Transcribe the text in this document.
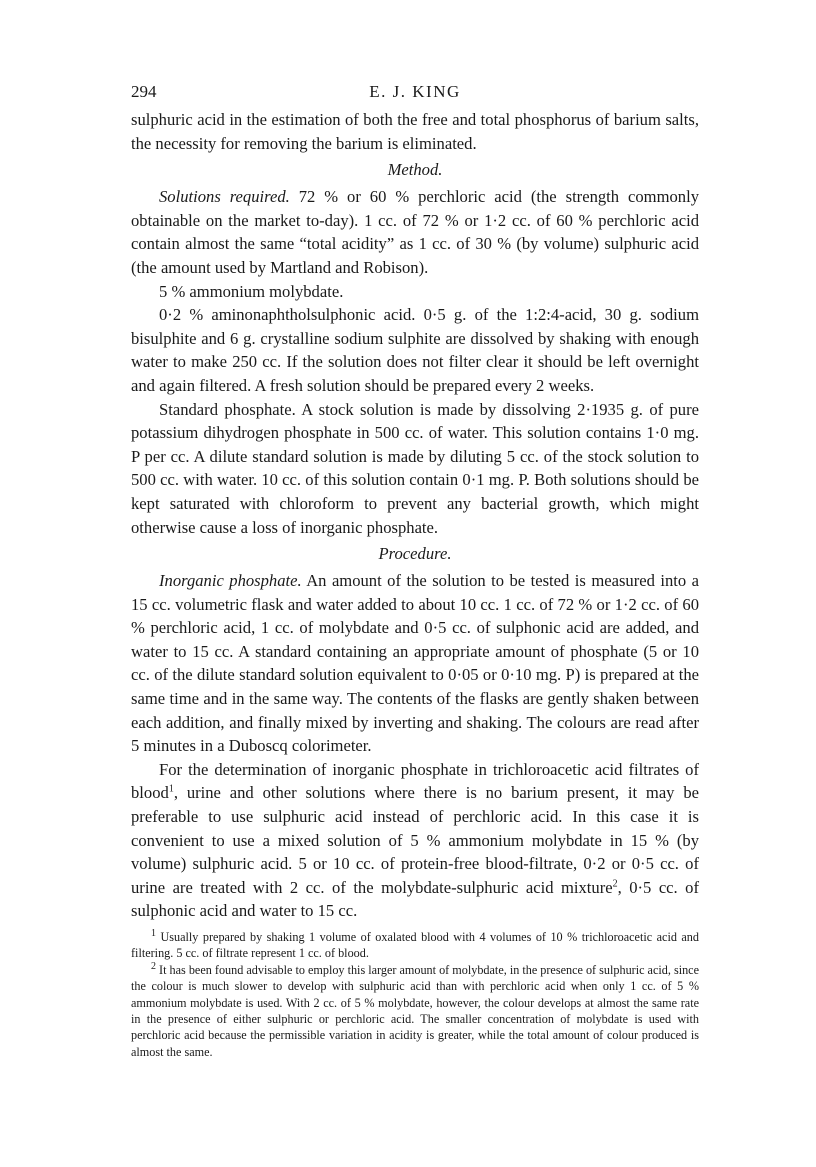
294	E. J. KING

sulphuric acid in the estimation of both the free and total phosphorus of barium salts, the necessity for removing the barium is eliminated.

Method.

Solutions required. 72 % or 60 % perchloric acid (the strength commonly obtainable on the market to-day). 1 cc. of 72 % or 1·2 cc. of 60 % perchloric acid contain almost the same “total acidity” as 1 cc. of 30 % (by volume) sulphuric acid (the amount used by Martland and Robison).

5 % ammonium molybdate.

0·2 % aminonaphtholsulphonic acid. 0·5 g. of the 1:2:4-acid, 30 g. sodium bisulphite and 6 g. crystalline sodium sulphite are dissolved by shaking with enough water to make 250 cc. If the solution does not filter clear it should be left overnight and again filtered. A fresh solution should be prepared every 2 weeks.

Standard phosphate. A stock solution is made by dissolving 2·1935 g. of pure potassium dihydrogen phosphate in 500 cc. of water. This solution contains 1·0 mg. P per cc. A dilute standard solution is made by diluting 5 cc. of the stock solution to 500 cc. with water. 10 cc. of this solution contain 0·1 mg. P. Both solutions should be kept saturated with chloroform to prevent any bacterial growth, which might otherwise cause a loss of inorganic phosphate.

Procedure.

Inorganic phosphate. An amount of the solution to be tested is measured into a 15 cc. volumetric flask and water added to about 10 cc. 1 cc. of 72 % or 1·2 cc. of 60 % perchloric acid, 1 cc. of molybdate and 0·5 cc. of sulphonic acid are added, and water to 15 cc. A standard containing an appropriate amount of phosphate (5 or 10 cc. of the dilute standard solution equivalent to 0·05 or 0·10 mg. P) is prepared at the same time and in the same way. The contents of the flasks are gently shaken between each addition, and finally mixed by inverting and shaking. The colours are read after 5 minutes in a Duboscq colorimeter.

For the determination of inorganic phosphate in trichloroacetic acid filtrates of blood$^1$, urine and other solutions where there is no barium present, it may be preferable to use sulphuric acid instead of perchloric acid. In this case it is convenient to use a mixed solution of 5 % ammonium molybdate in 15 % (by volume) sulphuric acid. 5 or 10 cc. of protein-free blood-filtrate, 0·2 or 0·5 cc. of urine are treated with 2 cc. of the molybdate-sulphuric acid mixture$^2$, 0·5 cc. of sulphonic acid and water to 15 cc.

$^1$ Usually prepared by shaking 1 volume of oxalated blood with 4 volumes of 10 % trichloroacetic acid and filtering. 5 cc. of filtrate represent 1 cc. of blood.

$^2$ It has been found advisable to employ this larger amount of molybdate, in the presence of sulphuric acid, since the colour is much slower to develop with sulphuric acid than with perchloric acid when only 1 cc. of 5 % ammonium molybdate is used. With 2 cc. of 5 % molybdate, however, the colour develops at almost the same rate in the presence of either sulphuric or perchloric acid. The smaller concentration of molybdate is used with perchloric acid because the permissible variation in acidity is greater, while the total amount of colour produced is almost the same.
